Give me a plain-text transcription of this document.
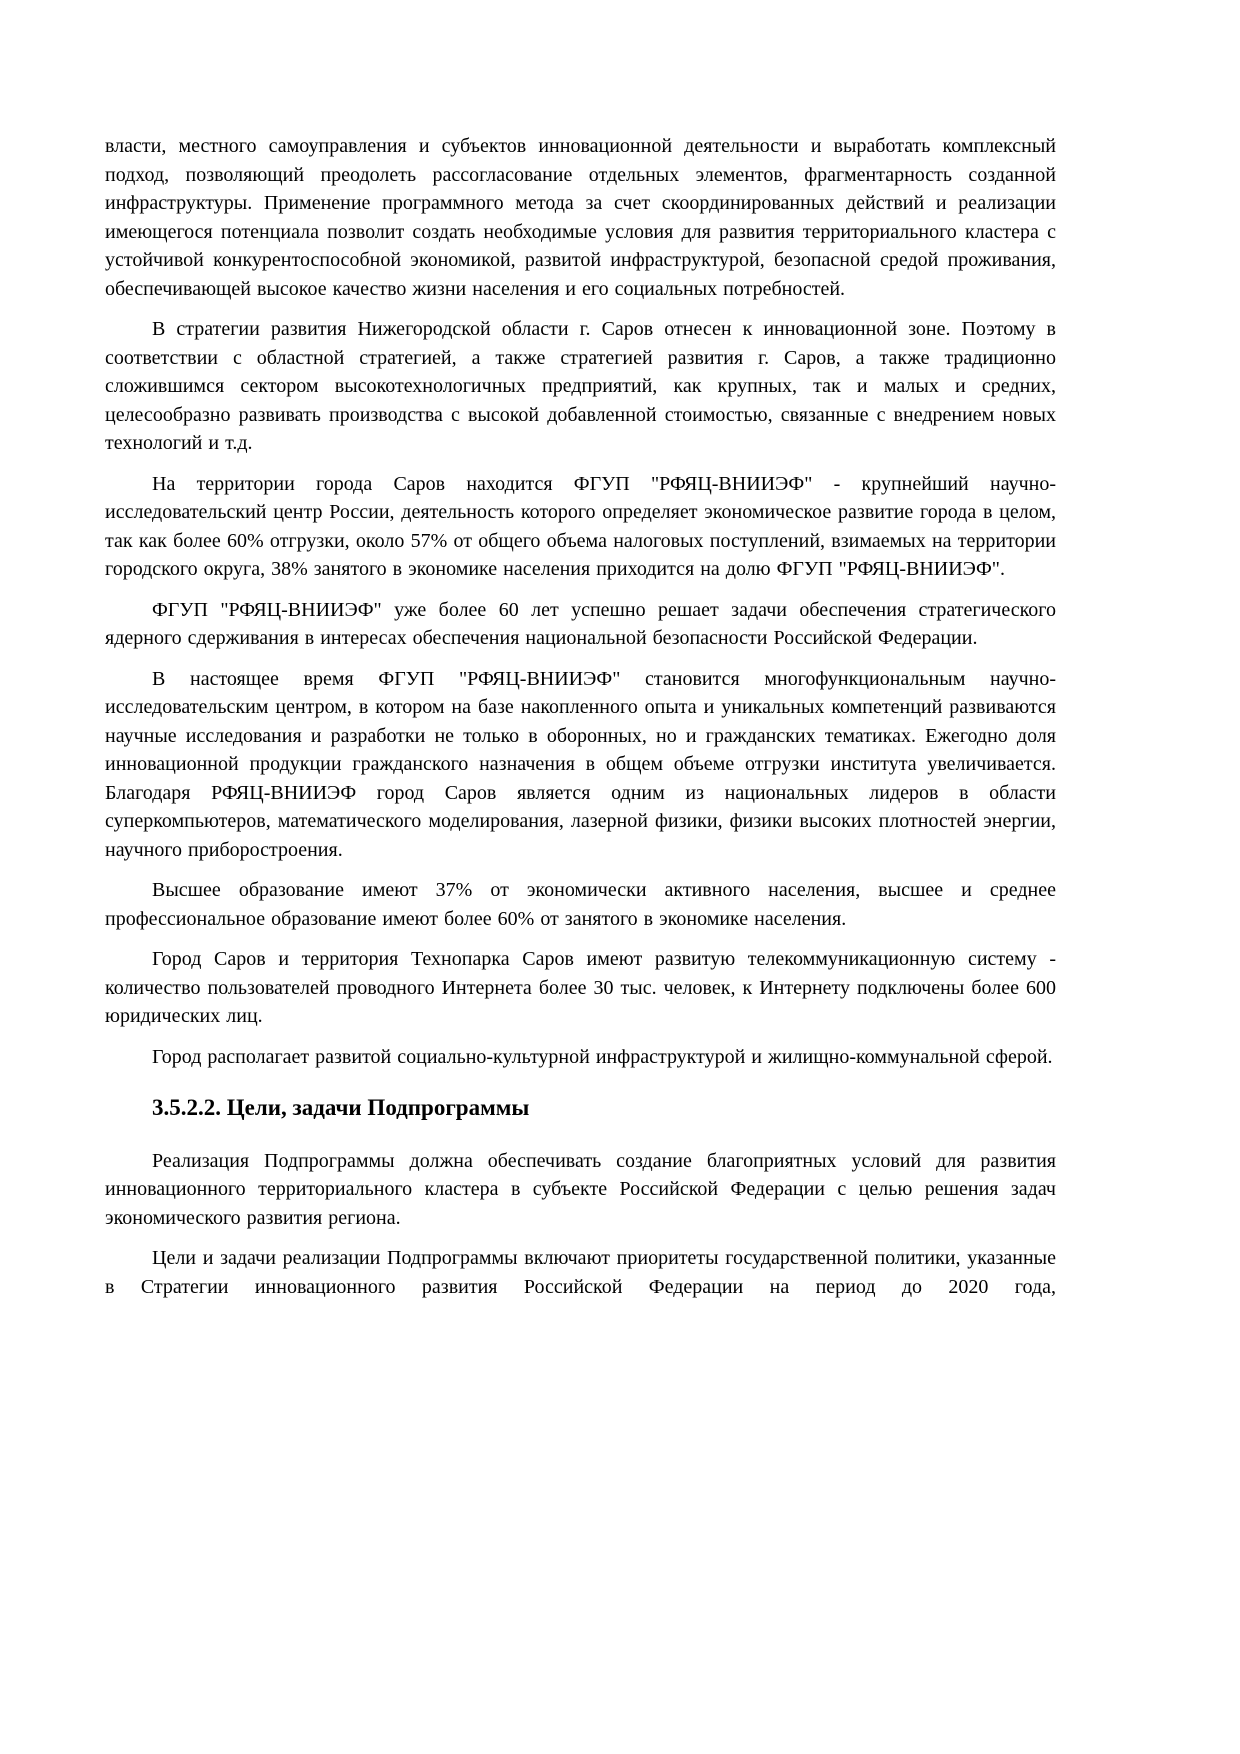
власти, местного самоуправления и субъектов инновационной деятельности и выработать комплексный подход, позволяющий преодолеть рассогласование отдельных элементов, фрагментарность созданной инфраструктуры. Применение программного метода за счет скоординированных действий и реализации имеющегося потенциала позволит создать необходимые условия для развития территориального кластера с устойчивой конкурентоспособной экономикой, развитой инфраструктурой, безопасной средой проживания, обеспечивающей высокое качество жизни населения и его социальных потребностей.

В стратегии развития Нижегородской области г. Саров отнесен к инновационной зоне. Поэтому в соответствии с областной стратегией, а также стратегией развития г. Саров, а также традиционно сложившимся сектором высокотехнологичных предприятий, как крупных, так и малых и средних, целесообразно развивать производства с высокой добавленной стоимостью, связанные с внедрением новых технологий и т.д.

На территории города Саров находится ФГУП "РФЯЦ-ВНИИЭФ" - крупнейший научно-исследовательский центр России, деятельность которого определяет экономическое развитие города в целом, так как более 60% отгрузки, около 57% от общего объема налоговых поступлений, взимаемых на территории городского округа, 38% занятого в экономике населения приходится на долю ФГУП "РФЯЦ-ВНИИЭФ".

ФГУП "РФЯЦ-ВНИИЭФ" уже более 60 лет успешно решает задачи обеспечения стратегического ядерного сдерживания в интересах обеспечения национальной безопасности Российской Федерации.

В настоящее время ФГУП "РФЯЦ-ВНИИЭФ" становится многофункциональным научно-исследовательским центром, в котором на базе накопленного опыта и уникальных компетенций развиваются научные исследования и разработки не только в оборонных, но и гражданских тематиках. Ежегодно доля инновационной продукции гражданского назначения в общем объеме отгрузки института увеличивается. Благодаря РФЯЦ-ВНИИЭФ город Саров является одним из национальных лидеров в области суперкомпьютеров, математического моделирования, лазерной физики, физики высоких плотностей энергии, научного приборостроения.

Высшее образование имеют 37% от экономически активного населения, высшее и среднее профессиональное образование имеют более 60% от занятого в экономике населения.

Город Саров и территория Технопарка Саров имеют развитую телекоммуникационную систему - количество пользователей проводного Интернета более 30 тыс. человек, к Интернету подключены более 600 юридических лиц.

Город располагает развитой социально-культурной инфраструктурой и жилищно-коммунальной сферой.

3.5.2.2. Цели, задачи Подпрограммы

Реализация Подпрограммы должна обеспечивать создание благоприятных условий для развития инновационного территориального кластера в субъекте Российской Федерации с целью решения задач экономического развития региона.

Цели и задачи реализации Подпрограммы включают приоритеты государственной политики, указанные в Стратегии инновационного развития Российской Федерации на период до 2020 года,
